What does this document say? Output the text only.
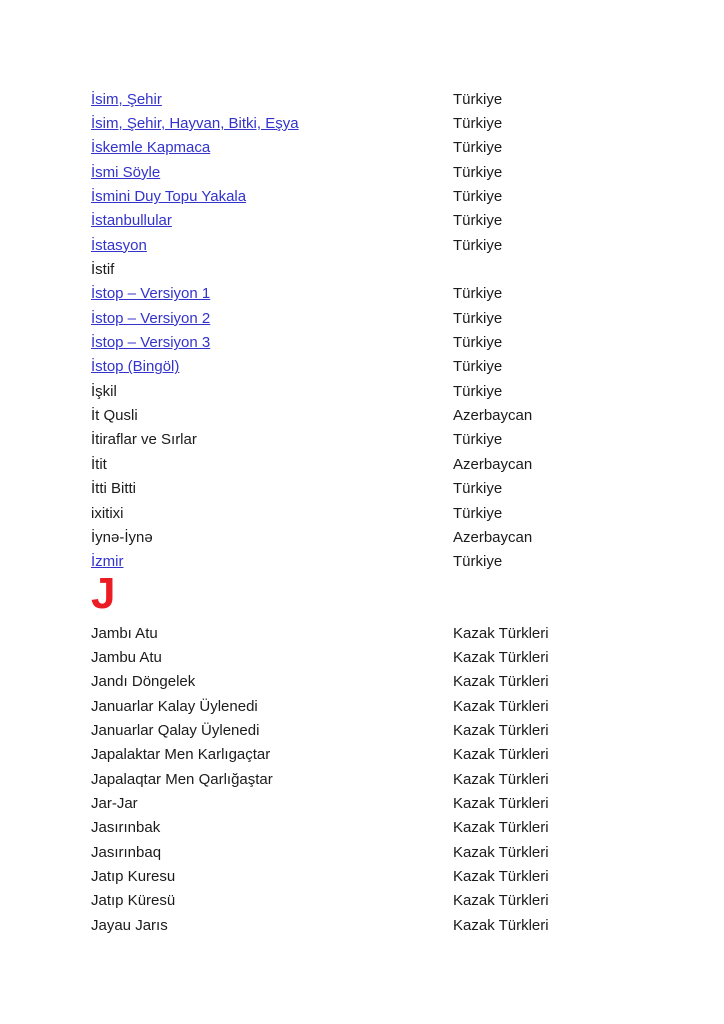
İsim, Şehir	Türkiye
İsim, Şehir, Hayvan, Bitki, Eşya	Türkiye
İskemle Kapmaca	Türkiye
İsmi Söyle	Türkiye
İsmini Duy Topu Yakala	Türkiye
İstanbullular	Türkiye
İstasyon	Türkiye
İstif
İstop – Versiyon 1	Türkiye
İstop – Versiyon 2	Türkiye
İstop – Versiyon 3	Türkiye
İstop (Bingöl)	Türkiye
İşkil	Türkiye
İt Qusli	Azerbaycan
İtiraflar ve Sırlar	Türkiye
İtit	Azerbaycan
İtti Bitti	Türkiye
ixitixi	Türkiye
İynə-İynə	Azerbaycan
İzmir	Türkiye
J
Jambı Atu	Kazak Türkleri
Jambu Atu	Kazak Türkleri
Jandı Döngelek	Kazak Türkleri
Januarlar Kalay Üylenedi	Kazak Türkleri
Januarlar Qalay Üylenedi	Kazak Türkleri
Japalaktar Men Karlıgaçtar	Kazak Türkleri
Japalaqtar Men Qarlığaştar	Kazak Türkleri
Jar-Jar	Kazak Türkleri
Jasırınbak	Kazak Türkleri
Jasırınbaq	Kazak Türkleri
Jatıp Kuresu	Kazak Türkleri
Jatıp Küresü	Kazak Türkleri
Jayau Jarıs	Kazak Türkleri
